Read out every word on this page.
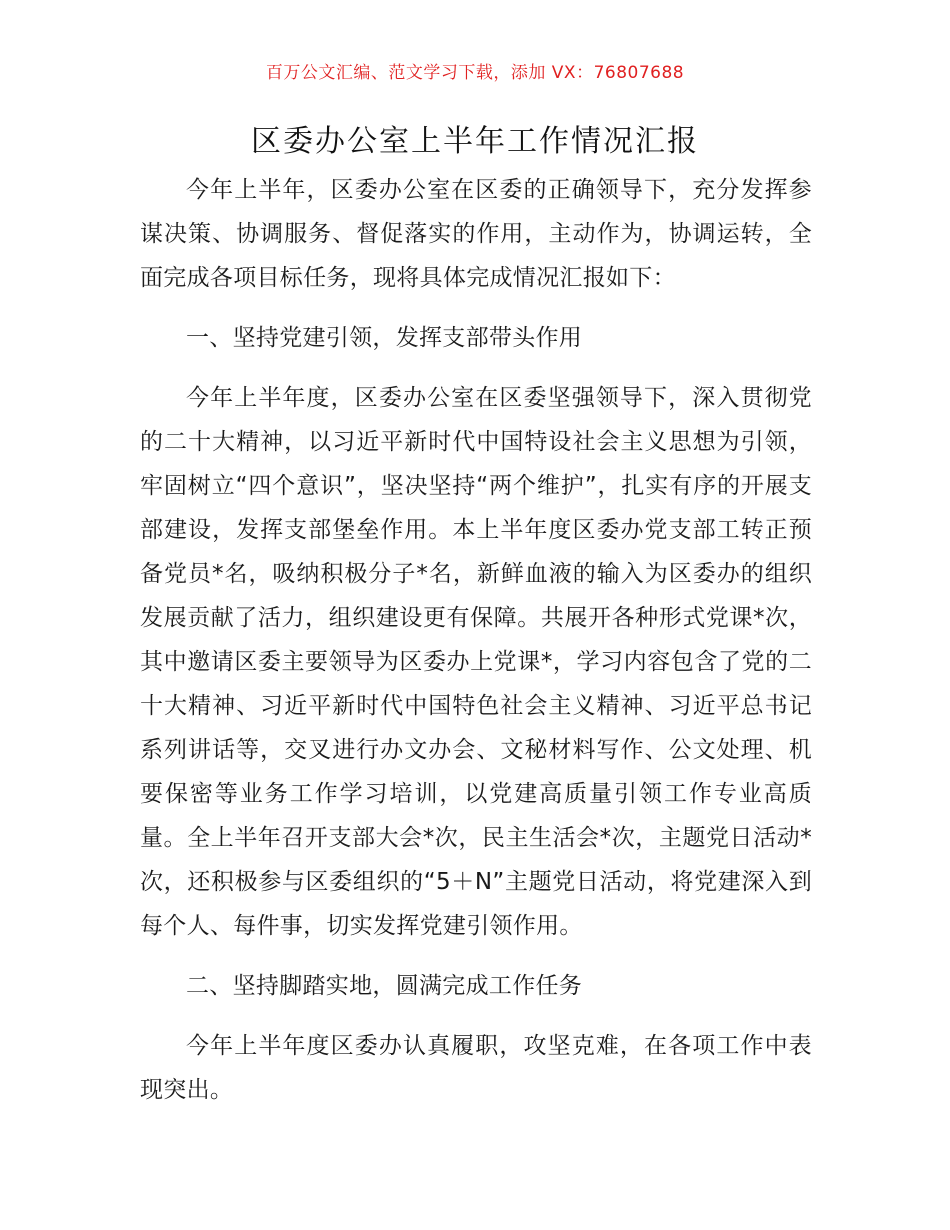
百万公文汇编、范文学习下载，添加 VX：76807688
区委办公室上半年工作情况汇报

今年上半年，区委办公室在区委的正确领导下，充分发挥参谋决策、协调服务、督促落实的作用，主动作为，协调运转，全面完成各项目标任务，现将具体完成情况汇报如下：

一、坚持党建引领，发挥支部带头作用

今年上半年度，区委办公室在区委坚强领导下，深入贯彻党的二十大精神，以习近平新时代中国特设社会主义思想为引领，牢固树立“四个意识”，坚决坚持“两个维护”，扎实有序的开展支部建设，发挥支部堡垒作用。本上半年度区委办党支部工转正预备党员*名，吸纳积极分子*名，新鲜血液的输入为区委办的组织发展贡献了活力，组织建设更有保障。共展开各种形式党课*次，其中邀请区委主要领导为区委办上党课*，学习内容包含了党的二十大精神、习近平新时代中国特色社会主义精神、习近平总书记系列讲话等，交叉进行办文办会、文秘材料写作、公文处理、机要保密等业务工作学习培训，以党建高质量引领工作专业高质量。全上半年召开支部大会*次，民主生活会*次，主题党日活动*次，还积极参与区委组织的“5＋N”主题党日活动，将党建深入到每个人、每件事，切实发挥党建引领作用。

二、坚持脚踏实地，圆满完成工作任务

今年上半年度区委办认真履职，攻坚克难，在各项工作中表现突出。
